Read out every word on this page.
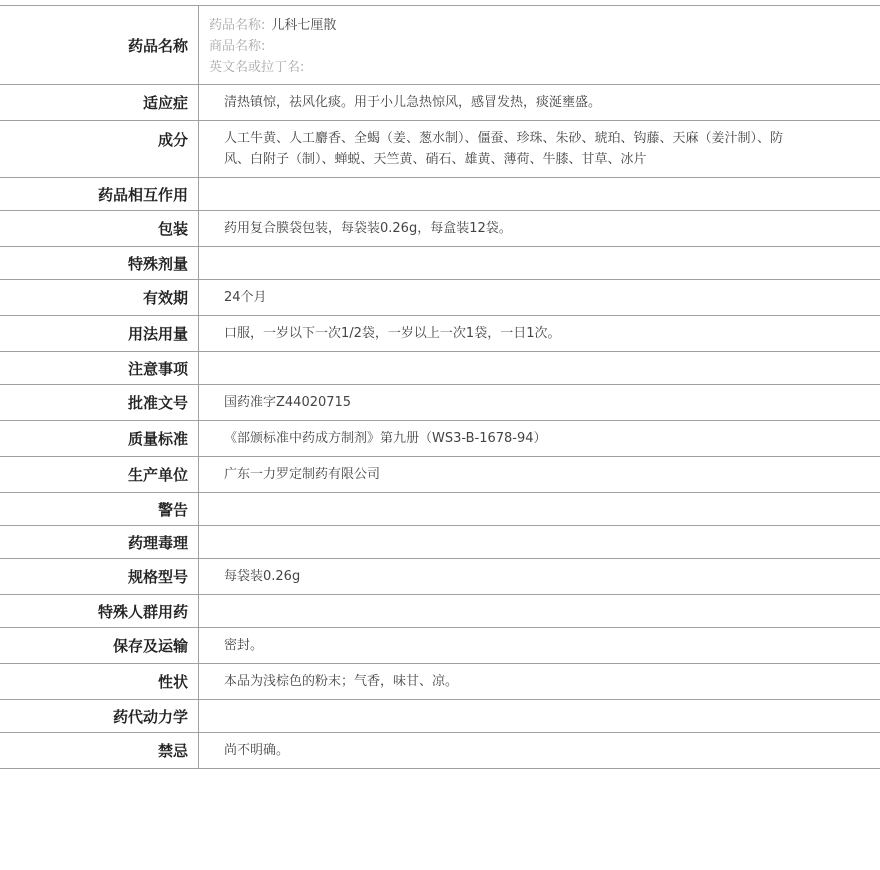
药品名称
药品名称: 儿科七厘散
商品名称:
英文名或拉丁名:
适应症	清热镇惊，祛风化痰。用于小儿急热惊风，感冒发热，痰涎壅盛。
成分	人工牛黄、人工麝香、全蝎（姜、葱水制）、僵蚕、珍珠、朱砂、琥珀、钩藤、天麻（姜汁制）、防风、白附子（制）、蝉蜕、天竺黄、硝石、雄黄、薄荷、牛膝、甘草、冰片
药品相互作用
包装	药用复合膜袋包装，每袋装0.26g，每盒装12袋。
特殊剂量
有效期	24个月
用法用量	口服，一岁以下一次1/2袋，一岁以上一次1袋，一日1次。
注意事项
批准文号	国药准字Z44020715
质量标准	《部颁标准中药成方制剂》第九册（WS3-B-1678-94）
生产单位	广东一力罗定制药有限公司
警告
药理毒理
规格型号	每袋装0.26g
特殊人群用药
保存及运输	密封。
性状	本品为浅棕色的粉末；气香，味甘、凉。
药代动力学
禁忌	尚不明确。
